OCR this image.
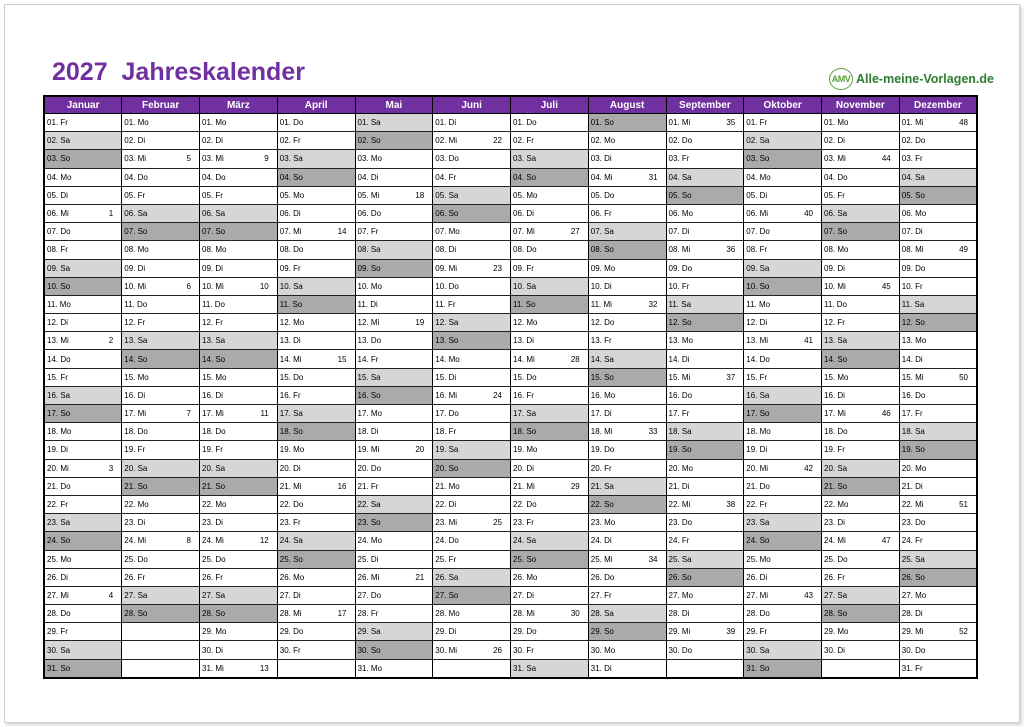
2027  Jahreskalender	AMV Alle-meine-Vorlagen.de
Januar	Februar	März	April	Mai	Juni	Juli	August	September	Oktober	November	Dezember

01. Fr	01. Mo	01. Mo	01. Do	01. Sa	01. Di	01. Do	01. So	01. Mi 35	01. Fr	01. Mo	01. Mi 48

02. Sa	02. Di	02. Di	02. Fr	02. So	02. Mi 22	02. Fr	02. Mo	02. Do	02. Sa	02. Di	02. Do

03. So	03. Mi 5	03. Mi 9	03. Sa	03. Mo	03. Do	03. Sa	03. Di	03. Fr	03. So	03. Mi 44	03. Fr

04. Mo	04. Do	04. Do	04. So	04. Di	04. Fr	04. So	04. Mi 31	04. Sa	04. Mo	04. Do	04. Sa

05. Di	05. Fr	05. Fr	05. Mo	05. Mi 18	05. Sa	05. Mo	05. Do	05. So	05. Di	05. Fr	05. So

06. Mi 1	06. Sa	06. Sa	06. Di	06. Do	06. So	06. Di	06. Fr	06. Mo	06. Mi 40	06. Sa	06. Mo

07. Do	07. So	07. So	07. Mi 14	07. Fr	07. Mo	07. Mi 27	07. Sa	07. Di	07. Do	07. So	07. Di

08. Fr	08. Mo	08. Mo	08. Do	08. Sa	08. Di	08. Do	08. So	08. Mi 36	08. Fr	08. Mo	08. Mi 49

09. Sa	09. Di	09. Di	09. Fr	09. So	09. Mi 23	09. Fr	09. Mo	09. Do	09. Sa	09. Di	09. Do

10. So	10. Mi 6	10. Mi 10	10. Sa	10. Mo	10. Do	10. Sa	10. Di	10. Fr	10. So	10. Mi 45	10. Fr

11. Mo	11. Do	11. Do	11. So	11. Di	11. Fr	11. So	11. Mi 32	11. Sa	11. Mo	11. Do	11. Sa

12. Di	12. Fr	12. Fr	12. Mo	12. Mi 19	12. Sa	12. Mo	12. Do	12. So	12. Di	12. Fr	12. So

13. Mi 2	13. Sa	13. Sa	13. Di	13. Do	13. So	13. Di	13. Fr	13. Mo	13. Mi 41	13. Sa	13. Mo

14. Do	14. So	14. So	14. Mi 15	14. Fr	14. Mo	14. Mi 28	14. Sa	14. Di	14. Do	14. So	14. Di

15. Fr	15. Mo	15. Mo	15. Do	15. Sa	15. Di	15. Do	15. So	15. Mi 37	15. Fr	15. Mo	15. Mi 50

16. Sa	16. Di	16. Di	16. Fr	16. So	16. Mi 24	16. Fr	16. Mo	16. Do	16. Sa	16. Di	16. Do

17. So	17. Mi 7	17. Mi 11	17. Sa	17. Mo	17. Do	17. Sa	17. Di	17. Fr	17. So	17. Mi 46	17. Fr

18. Mo	18. Do	18. Do	18. So	18. Di	18. Fr	18. So	18. Mi 33	18. Sa	18. Mo	18. Do	18. Sa

19. Di	19. Fr	19. Fr	19. Mo	19. Mi 20	19. Sa	19. Mo	19. Do	19. So	19. Di	19. Fr	19. So

20. Mi 3	20. Sa	20. Sa	20. Di	20. Do	20. So	20. Di	20. Fr	20. Mo	20. Mi 42	20. Sa	20. Mo

21. Do	21. So	21. So	21. Mi 16	21. Fr	21. Mo	21. Mi 29	21. Sa	21. Di	21. Do	21. So	21. Di

22. Fr	22. Mo	22. Mo	22. Do	22. Sa	22. Di	22. Do	22. So	22. Mi 38	22. Fr	22. Mo	22. Mi 51

23. Sa	23. Di	23. Di	23. Fr	23. So	23. Mi 25	23. Fr	23. Mo	23. Do	23. Sa	23. Di	23. Do

24. So	24. Mi 8	24. Mi 12	24. Sa	24. Mo	24. Do	24. Sa	24. Di	24. Fr	24. So	24. Mi 47	24. Fr

25. Mo	25. Do	25. Do	25. So	25. Di	25. Fr	25. So	25. Mi 34	25. Sa	25. Mo	25. Do	25. Sa

26. Di	26. Fr	26. Fr	26. Mo	26. Mi 21	26. Sa	26. Mo	26. Do	26. So	26. Di	26. Fr	26. So

27. Mi 4	27. Sa	27. Sa	27. Di	27. Do	27. So	27. Di	27. Fr	27. Mo	27. Mi 43	27. Sa	27. Mo

28. Do	28. So	28. So	28. Mi 17	28. Fr	28. Mo	28. Mi 30	28. Sa	28. Di	28. Do	28. So	28. Di

29. Fr		29. Mo	29. Do	29. Sa	29. Di	29. Do	29. So	29. Mi 39	29. Fr	29. Mo	29. Mi 52

30. Sa		30. Di	30. Fr	30. So	30. Mi 26	30. Fr	30. Mo	30. Do	30. Sa	30. Di	30. Do

31. So		31. Mi 13		31. Mo		31. Sa	31. Di		31. So		31. Fr
